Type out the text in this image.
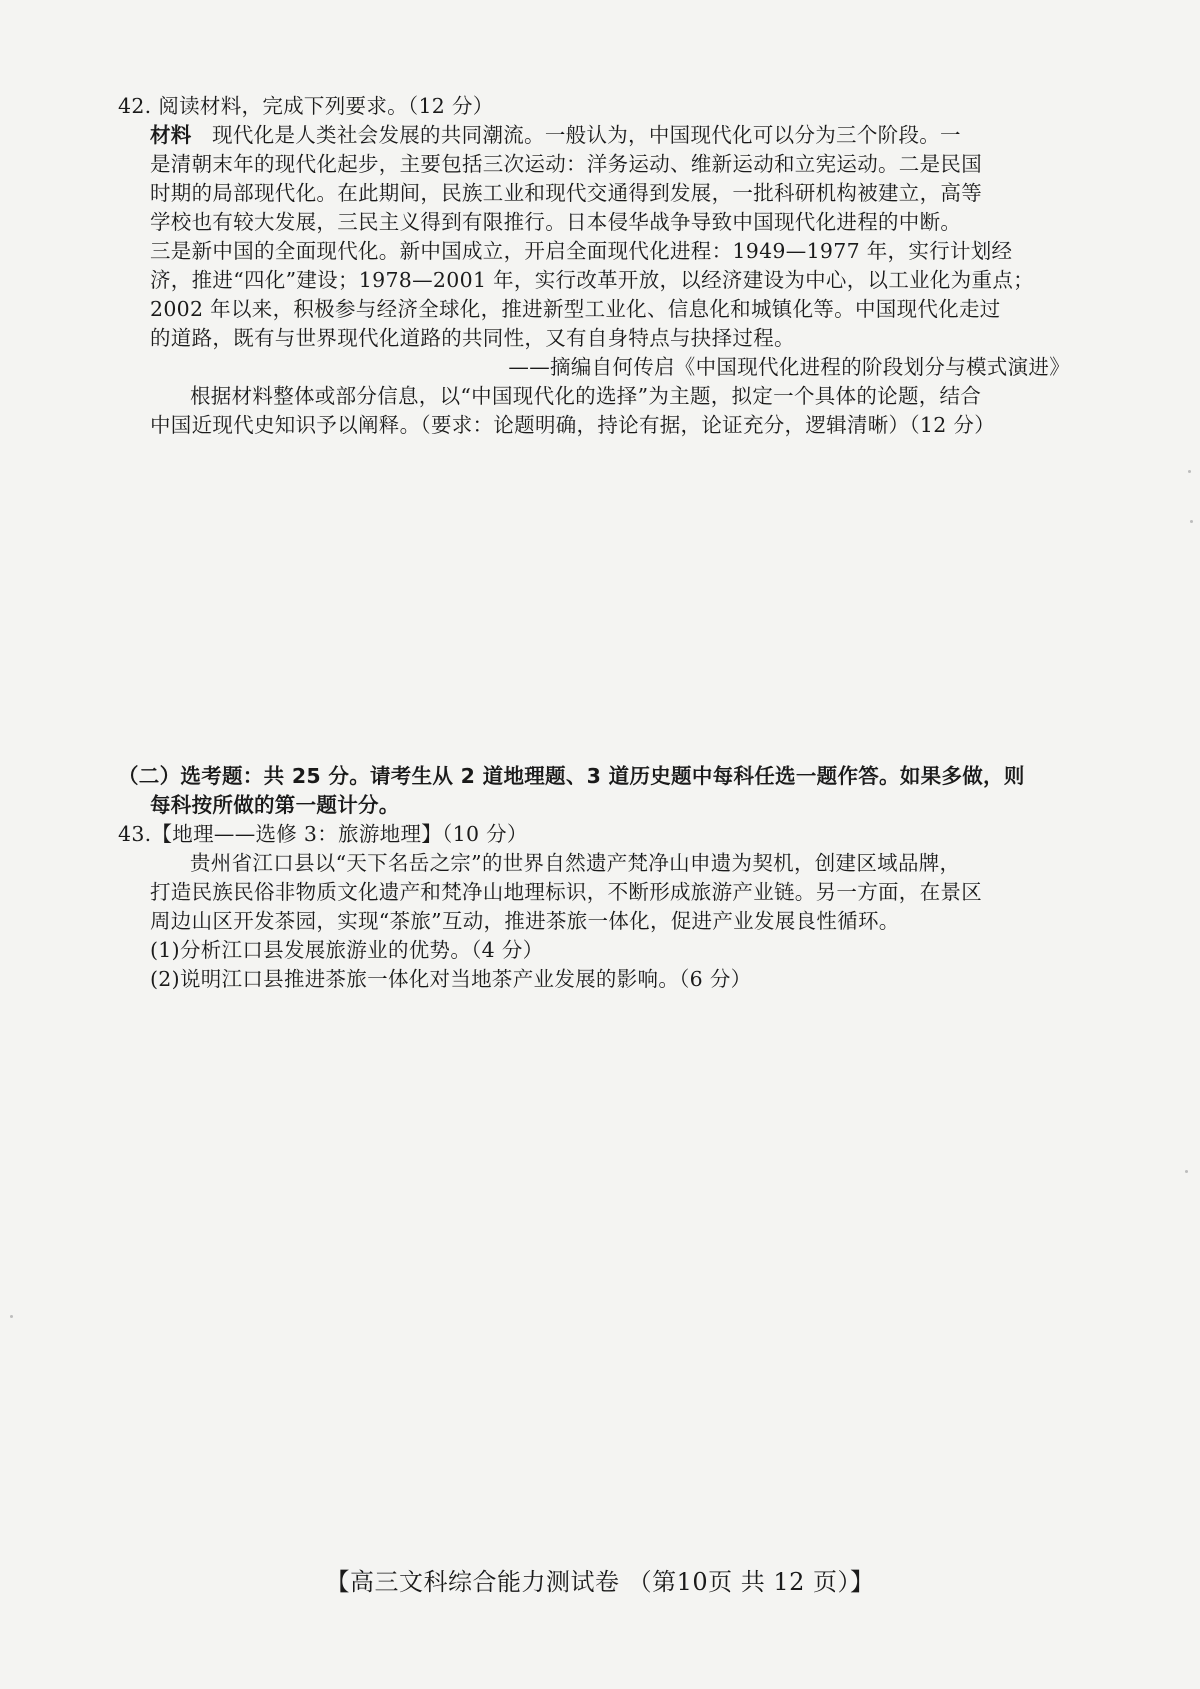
42. 阅读材料，完成下列要求。（12 分）
材料 现代化是人类社会发展的共同潮流。一般认为，中国现代化可以分为三个阶段。一
是清朝末年的现代化起步，主要包括三次运动：洋务运动、维新运动和立宪运动。二是民国
时期的局部现代化。在此期间，民族工业和现代交通得到发展，一批科研机构被建立，高等
学校也有较大发展，三民主义得到有限推行。日本侵华战争导致中国现代化进程的中断。
三是新中国的全面现代化。新中国成立，开启全面现代化进程：1949—1977 年，实行计划经
济，推进“四化”建设；1978—2001 年，实行改革开放，以经济建设为中心，以工业化为重点；
2002 年以来，积极参与经济全球化，推进新型工业化、信息化和城镇化等。中国现代化走过
的道路，既有与世界现代化道路的共同性，又有自身特点与抉择过程。
——摘编自何传启《中国现代化进程的阶段划分与模式演进》
根据材料整体或部分信息，以“中国现代化的选择”为主题，拟定一个具体的论题，结合
中国近现代史知识予以阐释。（要求：论题明确，持论有据，论证充分，逻辑清晰）（12 分）
（二）选考题：共 25 分。请考生从 2 道地理题、3 道历史题中每科任选一题作答。如果多做，则
每科按所做的第一题计分。
43.【地理——选修 3：旅游地理】（10 分）
贵州省江口县以“天下名岳之宗”的世界自然遗产梵净山申遗为契机，创建区域品牌，
打造民族民俗非物质文化遗产和梵净山地理标识，不断形成旅游产业链。另一方面，在景区
周边山区开发茶园，实现“茶旅”互动，推进茶旅一体化，促进产业发展良性循环。
(1)分析江口县发展旅游业的优势。（4 分）
(2)说明江口县推进茶旅一体化对当地茶产业发展的影响。（6 分）
【高三文科综合能力测试卷 （第10页 共 12 页）】
